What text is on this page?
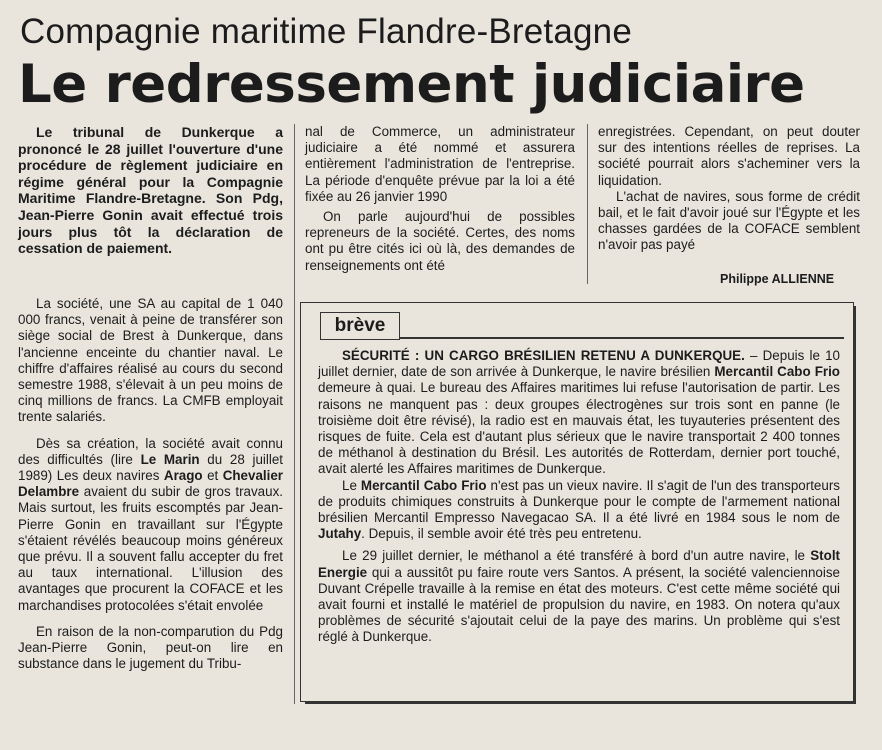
Compagnie maritime Flandre-Bretagne
Le redressement judiciaire

Le tribunal de Dunkerque a prononcé le 28 juillet l'ouverture d'une procédure de règlement judiciaire en régime général pour la Compagnie Maritime Flandre-Bretagne. Son Pdg, Jean-Pierre Gonin avait effectué trois jours plus tôt la déclaration de cessation de paiement.

La société, une SA au capital de 1 040 000 francs, venait à peine de transférer son siège social de Brest à Dunkerque, dans l'ancienne enceinte du chantier naval. Le chiffre d'affaires réalisé au cours du second semestre 1988, s'élevait à un peu moins de cinq millions de francs. La CMFB employait trente salariés.

Dès sa création, la société avait connu des difficultés (lire Le Marin du 28 juillet 1989) Les deux navires Arago et Chevalier Delambre avaient du subir de gros travaux. Mais surtout, les fruits escomptés par Jean-Pierre Gonin en travaillant sur l'Égypte s'étaient révélés beaucoup moins généreux que prévu. Il a souvent fallu accepter du fret au taux international. L'illusion des avantages que procurent la COFACE et les marchandises protocolées s'était envolée

En raison de la non-comparution du Pdg Jean-Pierre Gonin, peut-on lire en substance dans le jugement du Tribu-

nal de Commerce, un administrateur judiciaire a été nommé et assurera entièrement l'administration de l'entreprise. La période d'enquête prévue par la loi a été fixée au 26 janvier 1990

On parle aujourd'hui de possibles repreneurs de la société. Certes, des noms ont pu être cités ici où là, des demandes de renseignements ont été

enregistrées. Cependant, on peut douter sur des intentions réelles de reprises. La société pourrait alors s'acheminer vers la liquidation.

L'achat de navires, sous forme de crédit bail, et le fait d'avoir joué sur l'Égypte et les chasses gardées de la COFACE semblent n'avoir pas payé

Philippe ALLIENNE
brève

SÉCURITÉ : UN CARGO BRÉSILIEN RETENU A DUNKERQUE. – Depuis le 10 juillet dernier, date de son arrivée à Dunkerque, le navire brésilien Mercantil Cabo Frio demeure à quai. Le bureau des Affaires maritimes lui refuse l'autorisation de partir. Les raisons ne manquent pas : deux groupes électrogènes sur trois sont en panne (le troisième doit être révisé), la radio est en mauvais état, les tuyauteries présentent des risques de fuite. Cela est d'autant plus sérieux que le navire transportait 2 400 tonnes de méthanol à destination du Brésil. Les autorités de Rotterdam, dernier port touché, avait alerté les Affaires maritimes de Dunkerque.

Le Mercantil Cabo Frio n'est pas un vieux navire. Il s'agit de l'un des transporteurs de produits chimiques construits à Dunkerque pour le compte de l'armement national brésilien Mercantil Empresso Navegacao SA. Il a été livré en 1984 sous le nom de Jutahy. Depuis, il semble avoir été très peu entretenu.

Le 29 juillet dernier, le méthanol a été transféré à bord d'un autre navire, le Stolt Energie qui a aussitôt pu faire route vers Santos. A présent, la société valenciennoise Duvant Crépelle travaille à la remise en état des moteurs. C'est cette même société qui avait fourni et installé le matériel de propulsion du navire, en 1983. On notera qu'aux problèmes de sécurité s'ajoutait celui de la paye des marins. Un problème qui s'est réglé à Dunkerque.
